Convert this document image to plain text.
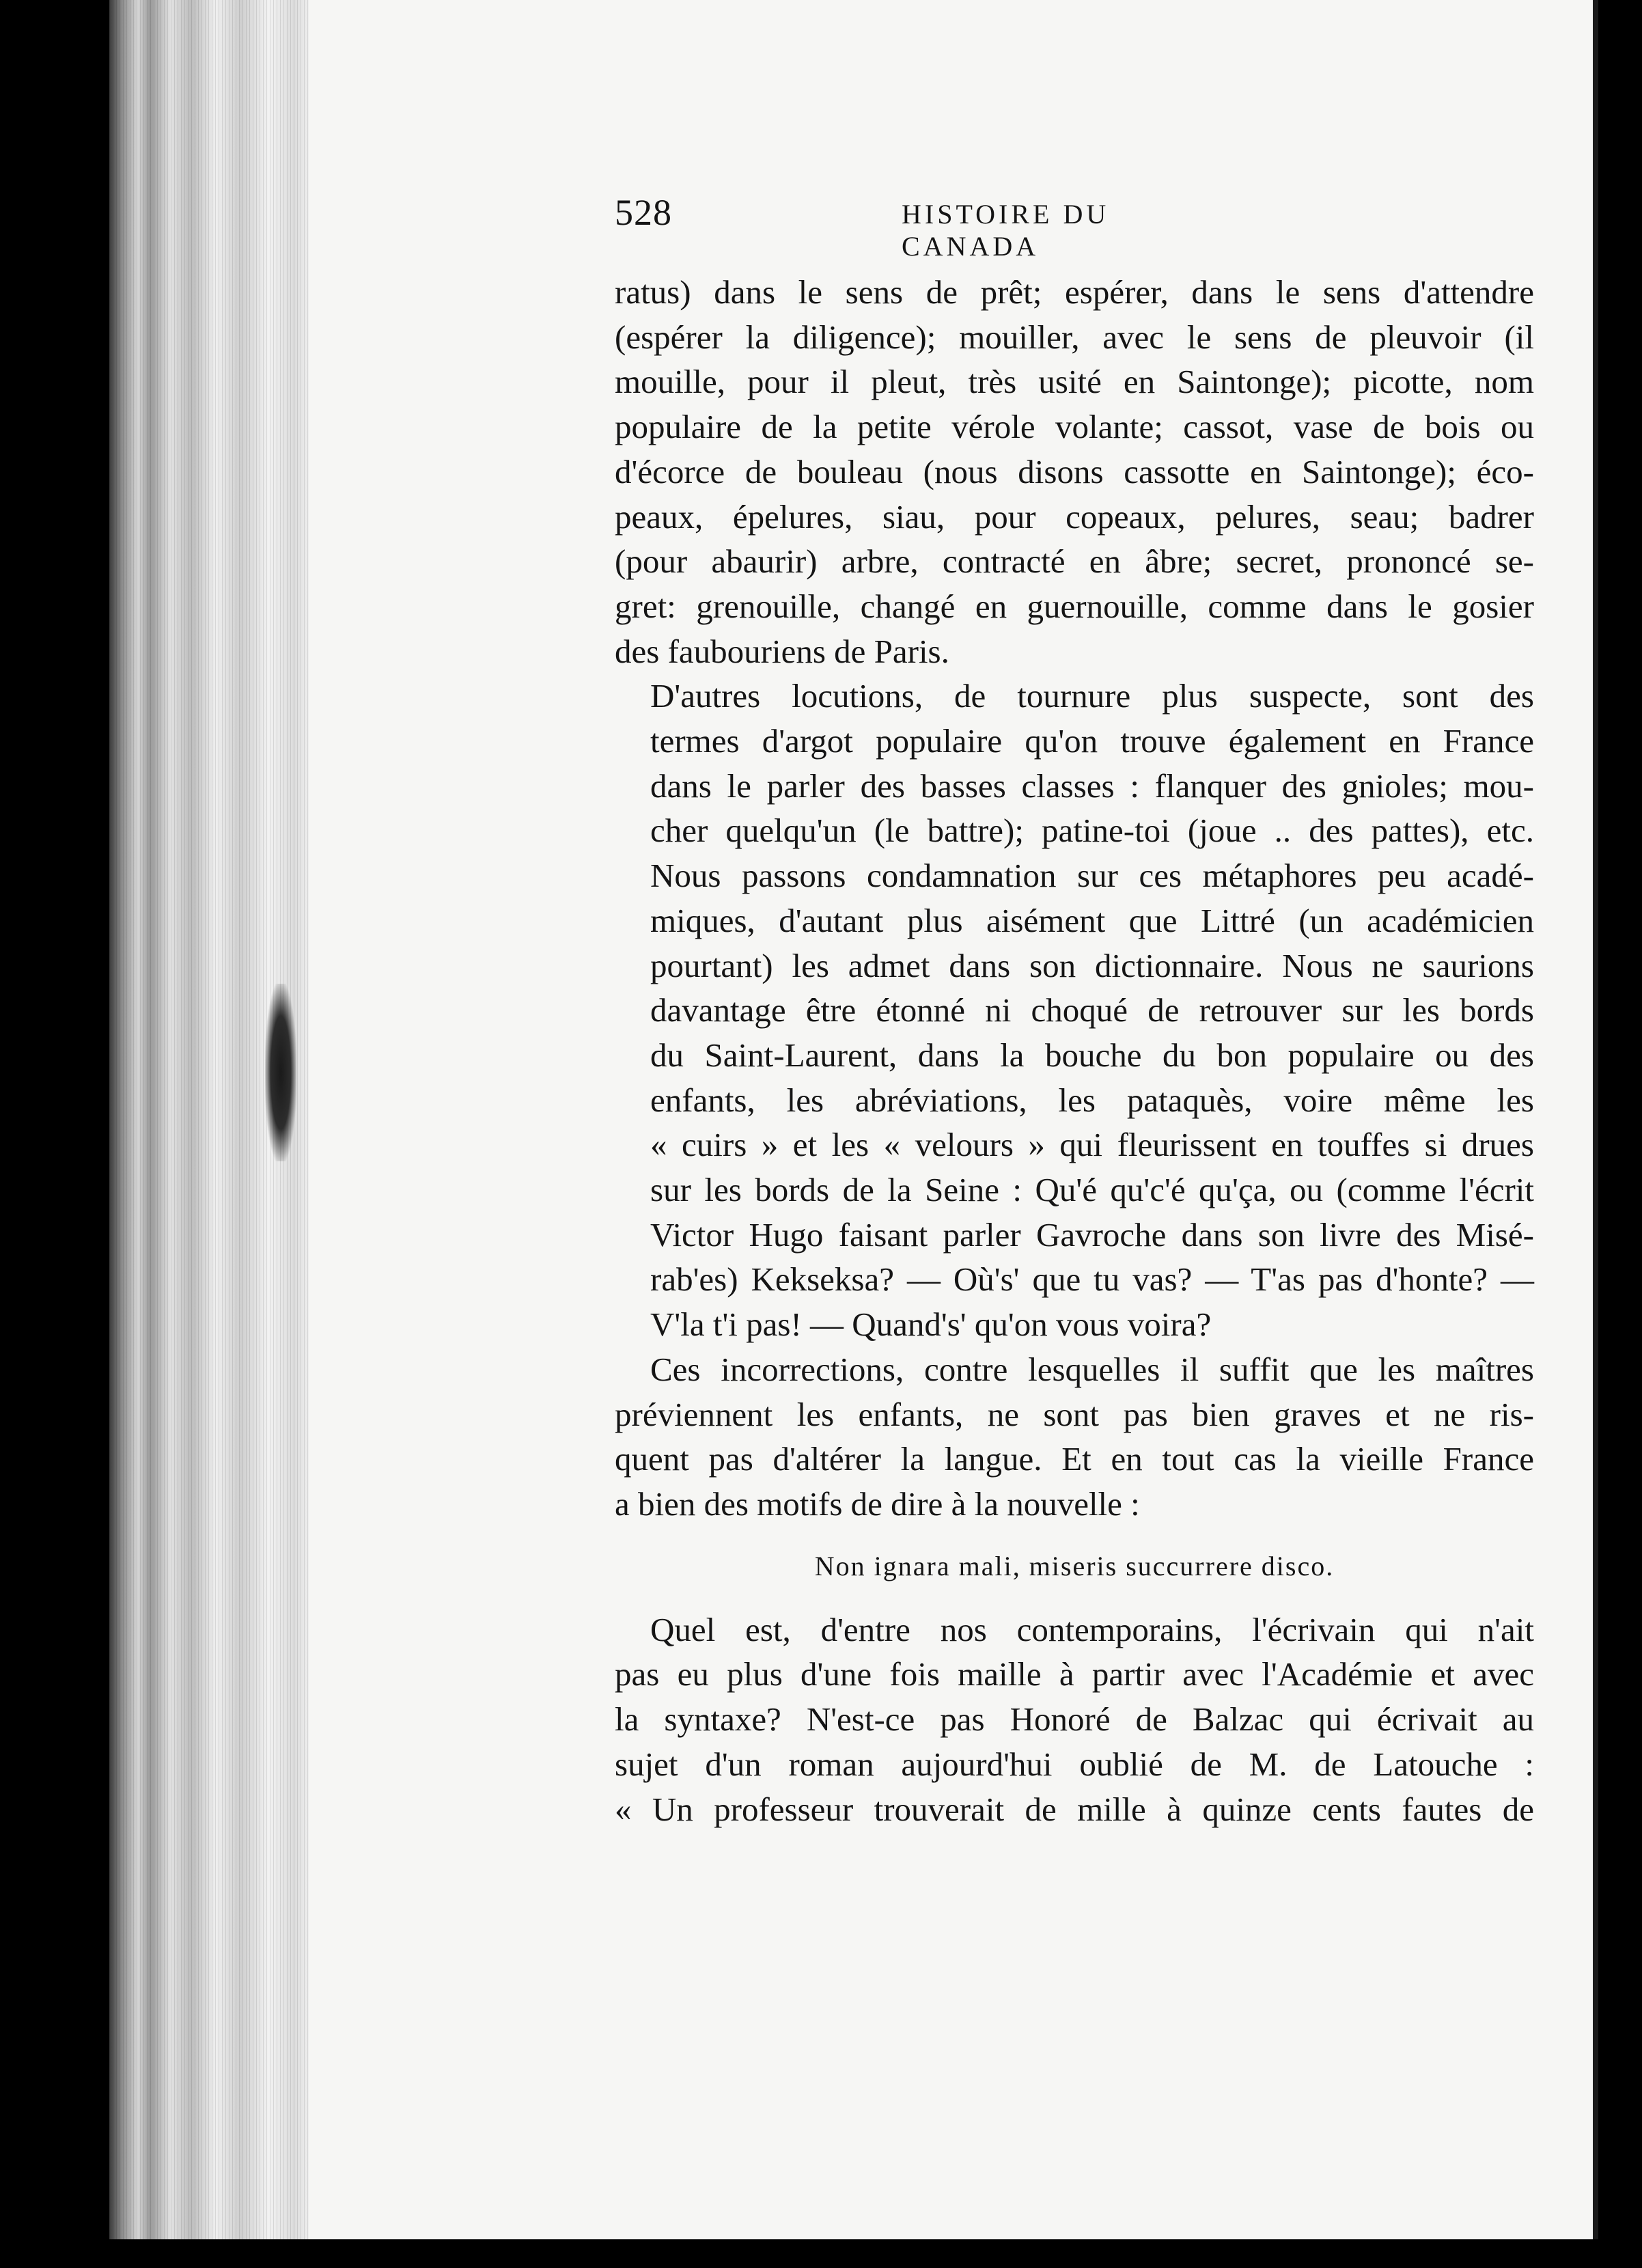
528	HISTOIRE DU CANADA

ratus) dans le sens de prêt; espérer, dans le sens d'attendre
(espérer la diligence); mouiller, avec le sens de pleuvoir (il
mouille, pour il pleut, très usité en Saintonge); picotte, nom
populaire de la petite vérole volante; cassot, vase de bois ou
d'écorce de bouleau (nous disons cassotte en Saintonge); éco-
peaux, épelures, siau, pour copeaux, pelures, seau; badrer
(pour abaurir) arbre, contracté en âbre; secret, prononcé se-
gret: grenouille, changé en guernouille, comme dans le gosier
des faubouriens de Paris.

D'autres locutions, de tournure plus suspecte, sont des
termes d'argot populaire qu'on trouve également en France
dans le parler des basses classes : flanquer des gnioles; mou-
cher quelqu'un (le battre); patine-toi (joue .. des pattes), etc.
Nous passons condamnation sur ces métaphores peu acadé-
miques, d'autant plus aisément que Littré (un académicien
pourtant) les admet dans son dictionnaire. Nous ne saurions
davantage être étonné ni choqué de retrouver sur les bords
du Saint-Laurent, dans la bouche du bon populaire ou des
enfants, les abréviations, les pataquès, voire même les
« cuirs » et les « velours » qui fleurissent en touffes si drues
sur les bords de la Seine : Qu'é qu'c'é qu'ça, ou (comme l'écrit
Victor Hugo faisant parler Gavroche dans son livre des Misé-
rab'es) Kekseksa? — Où's' que tu vas? — T'as pas d'honte? —
V'la t'i pas! — Quand's' qu'on vous voira?

Ces incorrections, contre lesquelles il suffit que les maîtres
préviennent les enfants, ne sont pas bien graves et ne ris-
quent pas d'altérer la langue. Et en tout cas la vieille France
a bien des motifs de dire à la nouvelle :

Non ignara mali, miseris succurrere disco.

Quel est, d'entre nos contemporains, l'écrivain qui n'ait
pas eu plus d'une fois maille à partir avec l'Académie et avec
la syntaxe? N'est-ce pas Honoré de Balzac qui écrivait au
sujet d'un roman aujourd'hui oublié de M. de Latouche :
« Un professeur trouverait de mille à quinze cents fautes de
